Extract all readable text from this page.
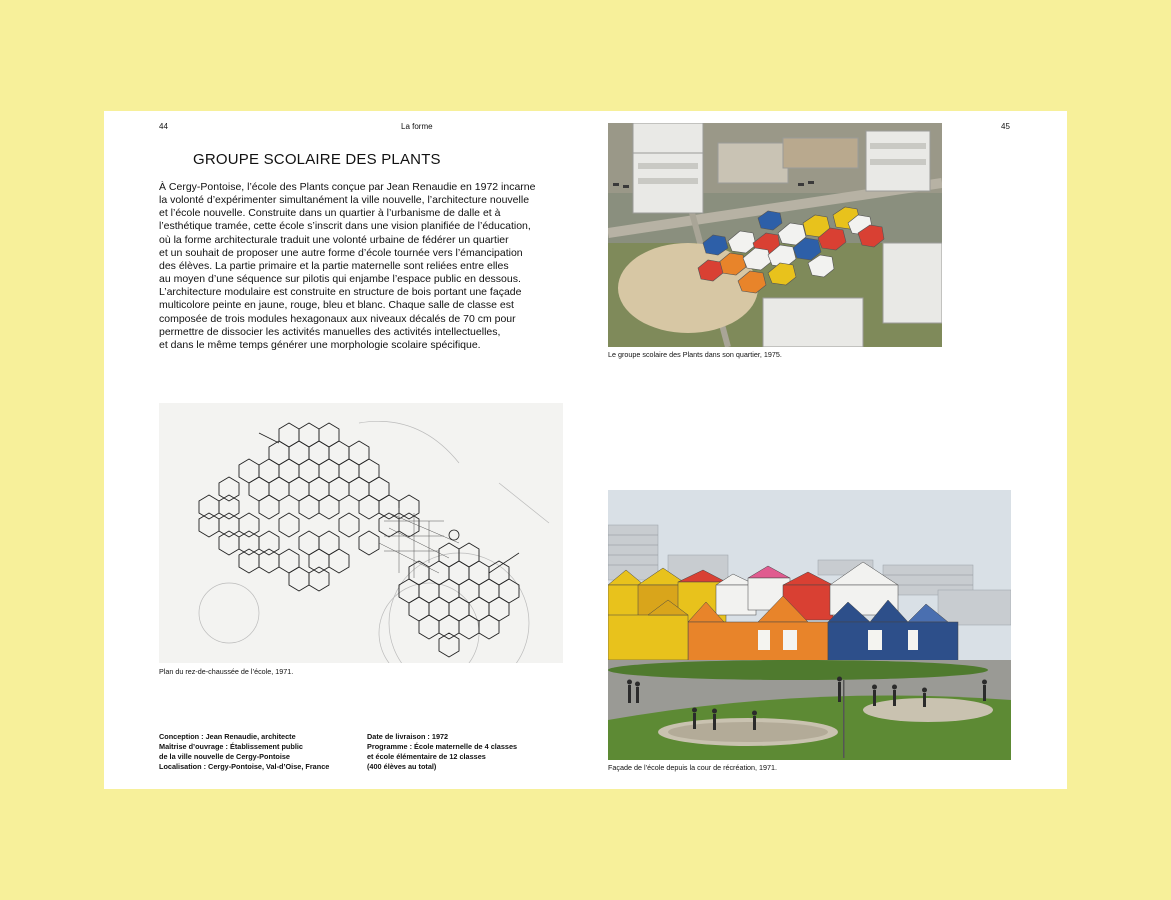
44	La forme	45
GROUPE SCOLAIRE DES PLANTS

À Cergy-Pontoise, l’école des Plants conçue par Jean Renaudie en 1972 incarne

la volonté d’expérimenter simultanément la ville nouvelle, l’architecture nouvelle

et l’école nouvelle. Construite dans un quartier à l’urbanisme de dalle et à

l’esthétique tramée, cette école s’inscrit dans une vision planifiée de l’éducation,

où la forme architecturale traduit une volonté urbaine de fédérer un quartier

et un souhait de proposer une autre forme d’école tournée vers l’émancipation

des élèves. La partie primaire et la partie maternelle sont reliées entre elles

au moyen d’une séquence sur pilotis qui enjambe l’espace public en dessous.

L’architecture modulaire est construite en structure de bois portant une façade

multicolore peinte en jaune, rouge, bleu et blanc. Chaque salle de classe est

composée de trois modules hexagonaux aux niveaux décalés de 70 cm pour

permettre de dissocier les activités manuelles des activités intellectuelles,

et dans le même temps générer une morphologie scolaire spécifique.

Le groupe scolaire des Plants dans son quartier, 1975.
Plan du rez-de-chaussée de l’école, 1971.
Façade de l’école depuis la cour de récréation, 1971.

Conception : Jean Renaudie, architecte

Maîtrise d’ouvrage : Établissement public

de la ville nouvelle de Cergy-Pontoise

Localisation : Cergy-Pontoise, Val-d’Oise, France

Date de livraison : 1972

Programme : École maternelle de 4 classes

et école élémentaire de 12 classes

(400 élèves au total)
